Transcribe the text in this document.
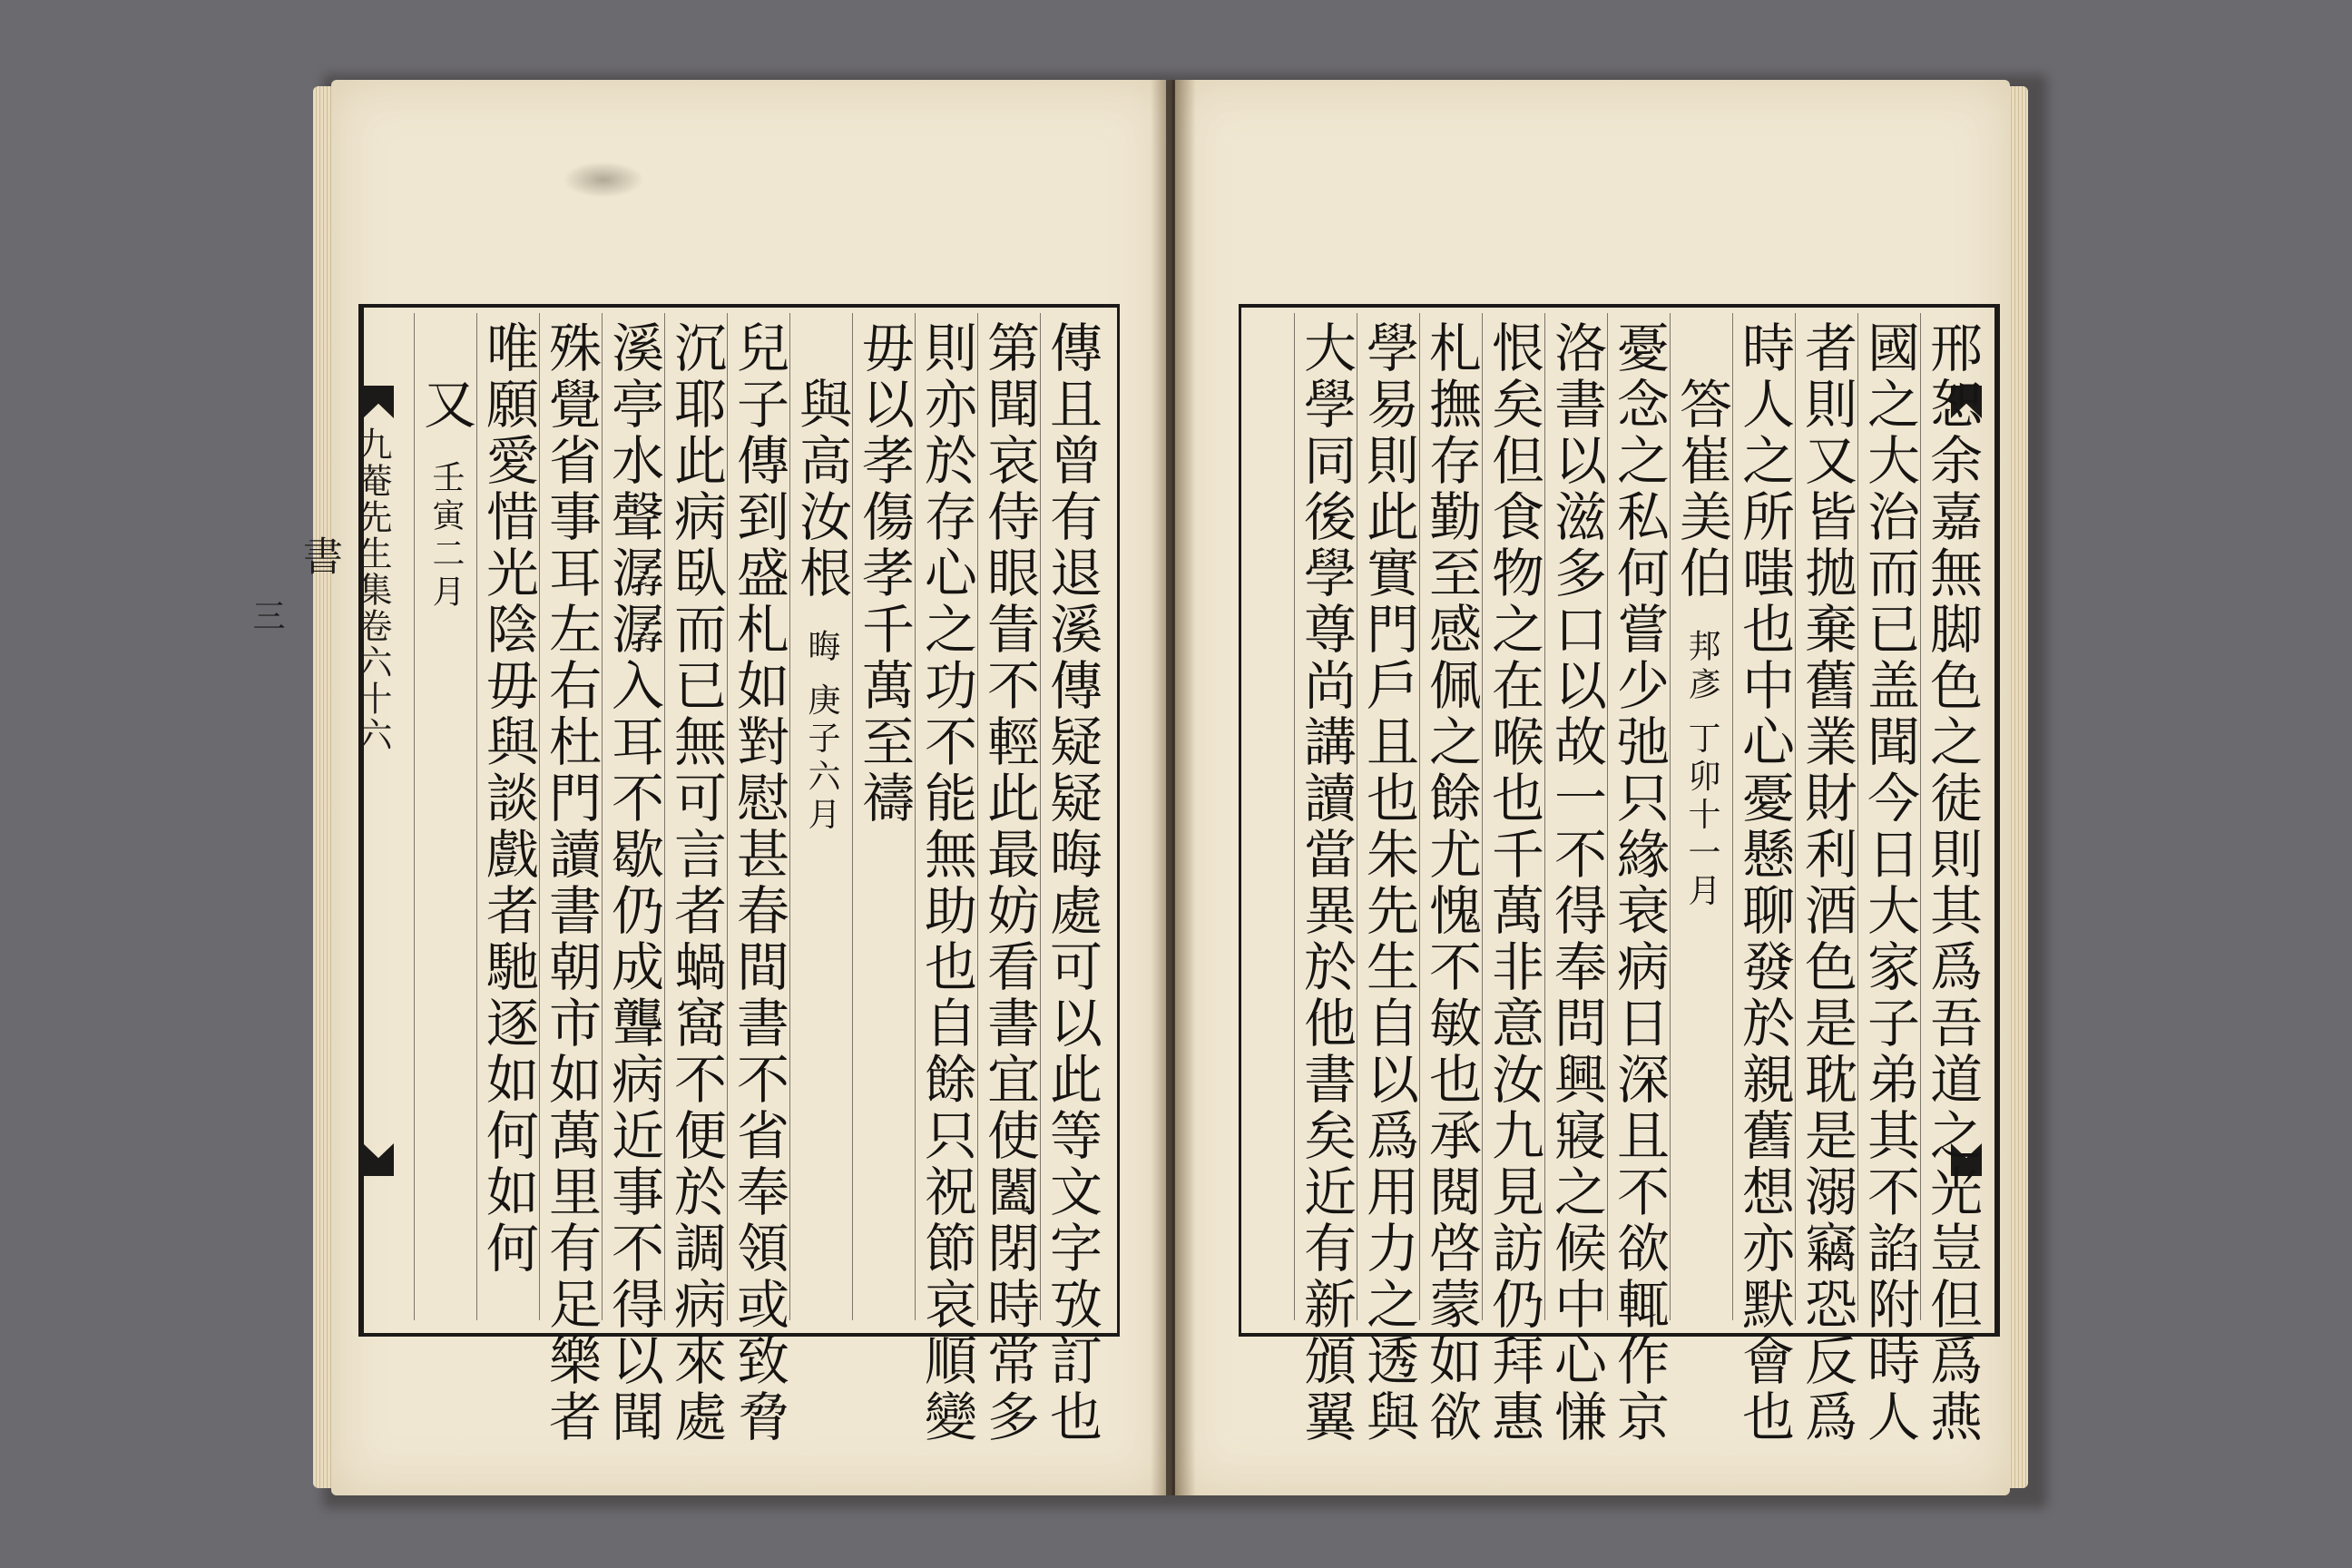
九菴先生集卷六十六
書
三	傳且曾有退溪傳疑疑晦處可以此等文字攷訂也
第聞哀侍眼眚不輕此最妨看書宜使闔閉時常多
則亦於存心之功不能無助也自餘只祝節哀順變
毋以孝傷孝千萬至禱
與高汝根晦 庚子六月
兒子傳到盛札如對慰甚春間書不省奉領或致脅
沉耶此病臥而已無可言者蝸窩不便於調病來處
溪亭水聲潺潺入耳不歇仍成聾病近事不得以聞
殊覺省事耳左右杜門讀書朝市如萬里有足樂者
唯願愛惜光陰毋與談戲者馳逐如何如何
又壬寅二月	邢恕余嘉無脚色之徒則其爲吾道之光豈但爲燕
國之大治而已盖聞今日大家子弟其不諂附時人
者則又皆拋棄舊業財利酒色是耽是溺竊恐反爲
時人之所嗤也中心憂懸聊發於親舊想亦默會也
答崔美伯邦彥 丁卯十一月
憂念之私何嘗少弛只緣衰病日深且不欲輒作京
洛書以滋多口以故一不得奉問興寢之候中心慊
恨矣但食物之在喉也千萬非意汝九見訪仍拜惠
札撫存勤至感佩之餘尤愧不敏也承閱啓蒙如欲
學易則此實門戶且也朱先生自以爲用力之透與
大學同後學尊尚講讀當異於他書矣近有新頒翼
